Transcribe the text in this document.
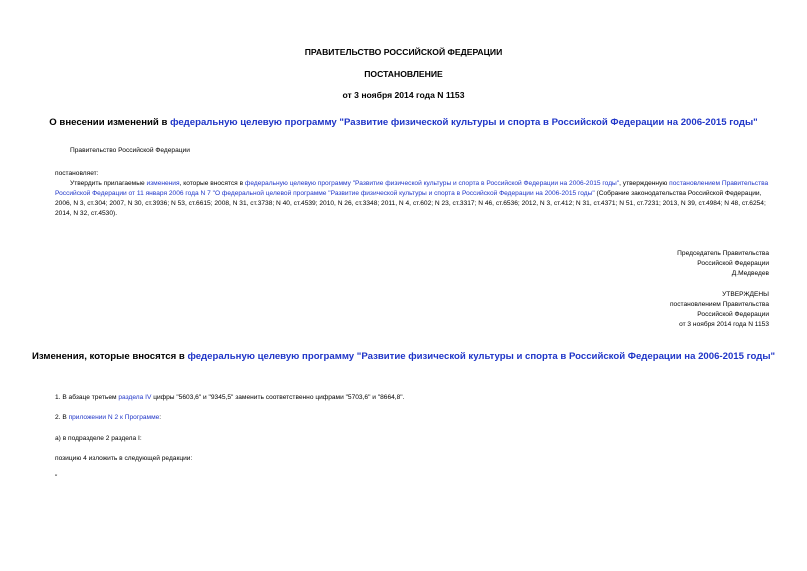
ПРАВИТЕЛЬСТВО РОССИЙСКОЙ ФЕДЕРАЦИИ
ПОСТАНОВЛЕНИЕ
от 3 ноября 2014 года N 1153
О внесении изменений в федеральную целевую программу "Развитие физической культуры и спорта в Российской Федерации на 2006-2015 годы"
Правительство Российской Федерации
постановляет:
Утвердить прилагаемые изменения, которые вносятся в федеральную целевую программу "Развитие физической культуры и спорта в Российской Федерации на 2006-2015 годы", утвержденную постановлением Правительства Российской Федерации от 11 января 2006 года N 7 "О федеральной целевой программе "Развитие физической культуры и спорта в Российской Федерации на 2006-2015 годы" (Собрание законодательства Российской Федерации, 2006, N 3, ст.304; 2007, N 30, ст.3936; N 53, ст.6615; 2008, N 31, ст.3738; N 40, ст.4539; 2010, N 26, ст.3348; 2011, N 4, ст.602; N 23, ст.3317; N 46, ст.6536; 2012, N 3, ст.412; N 31, ст.4371; N 51, ст.7231; 2013, N 39, ст.4984; N 48, ст.6254; 2014, N 32, ст.4530).
Председатель Правительства
Российской Федерации
Д.Медведев
УТВЕРЖДЕНЫ
постановлением Правительства
Российской Федерации
от 3 ноября 2014 года N 1153
Изменения, которые вносятся в федеральную целевую программу "Развитие физической культуры и спорта в Российской Федерации на 2006-2015 годы"
1. В абзаце третьем раздела IV цифры "5603,6" и "9345,5" заменить соответственно цифрами "5703,6" и "8664,8".
2. В приложении N 2 к Программе:
а) в подразделе 2 раздела I:
позицию 4 изложить в следующей редакции:
"
